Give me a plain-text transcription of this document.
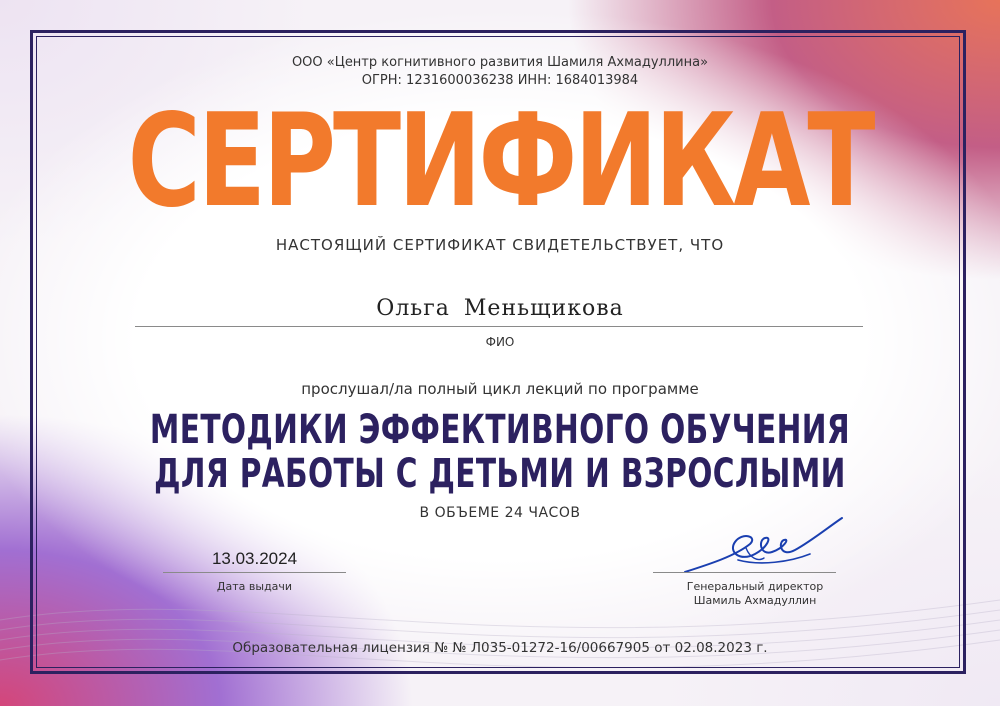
ООО «Центр когнитивного развития Шамиля Ахмадуллина»
ОГРН: 1231600036238 ИНН: 1684013984
СЕРТИФИКАТ
НАСТОЯЩИЙ СЕРТИФИКАТ СВИДЕТЕЛЬСТВУЕТ, ЧТО
Ольга Меньщикова
ФИО
прослушал/ла полный цикл лекций по программе
МЕТОДИКИ ЭФФЕКТИВНОГО ОБУЧЕНИЯ
ДЛЯ РАБОТЫ С ДЕТЬМИ И ВЗРОСЛЫМИ
В ОБЪЕМЕ 24 ЧАСОВ
13.03.2024
Дата выдачи	Генеральный директор
Шамиль Ахмадуллин
Образовательная лицензия № № Л035-01272-16/00667905 от 02.08.2023 г.
